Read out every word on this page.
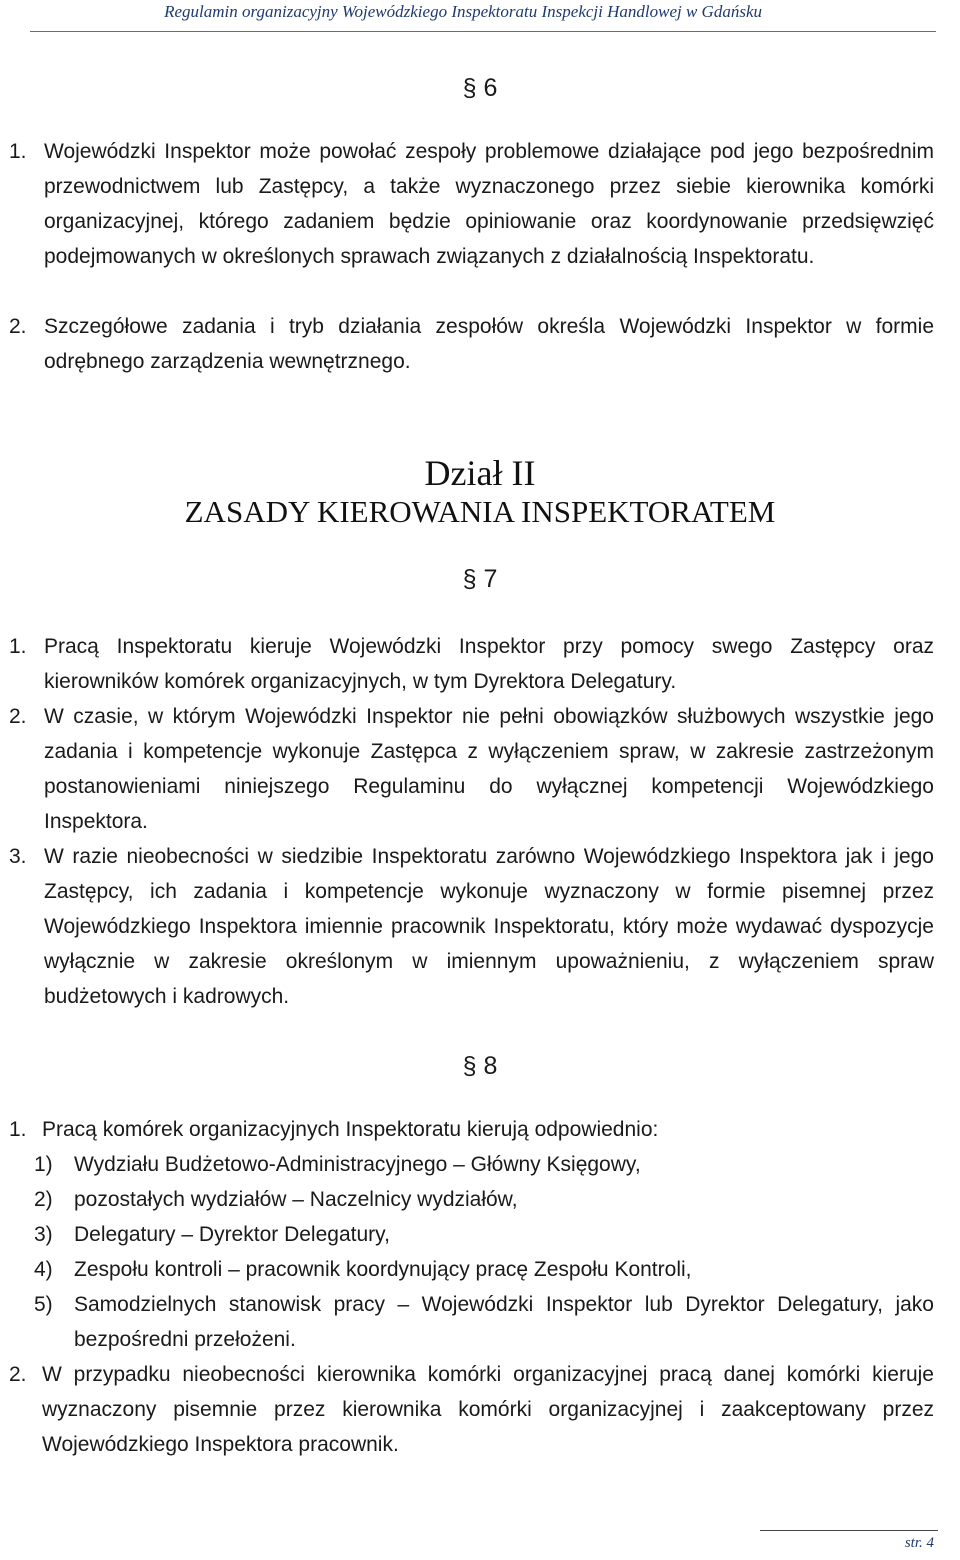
Regulamin organizacyjny Wojewódzkiego Inspektoratu Inspekcji Handlowej w Gdańsku
§ 6
1. Wojewódzki Inspektor może powołać zespoły problemowe działające pod jego bezpośrednim przewodnictwem lub Zastępcy, a także wyznaczonego przez siebie kierownika komórki organizacyjnej, którego zadaniem będzie opiniowanie oraz koordynowanie przedsięwzięć podejmowanych w określonych sprawach związanych z działalnością Inspektoratu.
2. Szczegółowe zadania i tryb działania zespołów określa Wojewódzki Inspektor w formie odrębnego zarządzenia wewnętrznego.
Dział II
ZASADY KIEROWANIA INSPEKTORATEM
§ 7
1. Pracą Inspektoratu kieruje Wojewódzki Inspektor przy pomocy swego Zastępcy oraz kierowników komórek organizacyjnych, w tym Dyrektora Delegatury.
2. W czasie, w którym Wojewódzki Inspektor nie pełni obowiązków służbowych wszystkie jego zadania i kompetencje wykonuje Zastępca z wyłączeniem spraw, w zakresie zastrzeżonym postanowieniami niniejszego Regulaminu do wyłącznej kompetencji Wojewódzkiego Inspektora.
3. W razie nieobecności w siedzibie Inspektoratu zarówno Wojewódzkiego Inspektora jak i jego Zastępcy, ich zadania i kompetencje wykonuje wyznaczony w formie pisemnej przez Wojewódzkiego Inspektora imiennie pracownik Inspektoratu, który może wydawać dyspozycje wyłącznie w zakresie określonym w imiennym upoważnieniu, z wyłączeniem spraw budżetowych i kadrowych.
§ 8
1. Pracą komórek organizacyjnych Inspektoratu kierują odpowiednio:
1) Wydziału Budżetowo-Administracyjnego – Główny Księgowy,
2) pozostałych wydziałów – Naczelnicy wydziałów,
3) Delegatury – Dyrektor Delegatury,
4) Zespołu kontroli – pracownik koordynujący pracę Zespołu Kontroli,
5) Samodzielnych stanowisk pracy – Wojewódzki Inspektor lub Dyrektor Delegatury, jako bezpośredni przełożeni.
2. W przypadku nieobecności kierownika komórki organizacyjnej pracą danej komórki kieruje wyznaczony pisemnie przez kierownika komórki organizacyjnej i zaakceptowany przez Wojewódzkiego Inspektora pracownik.
str. 4
